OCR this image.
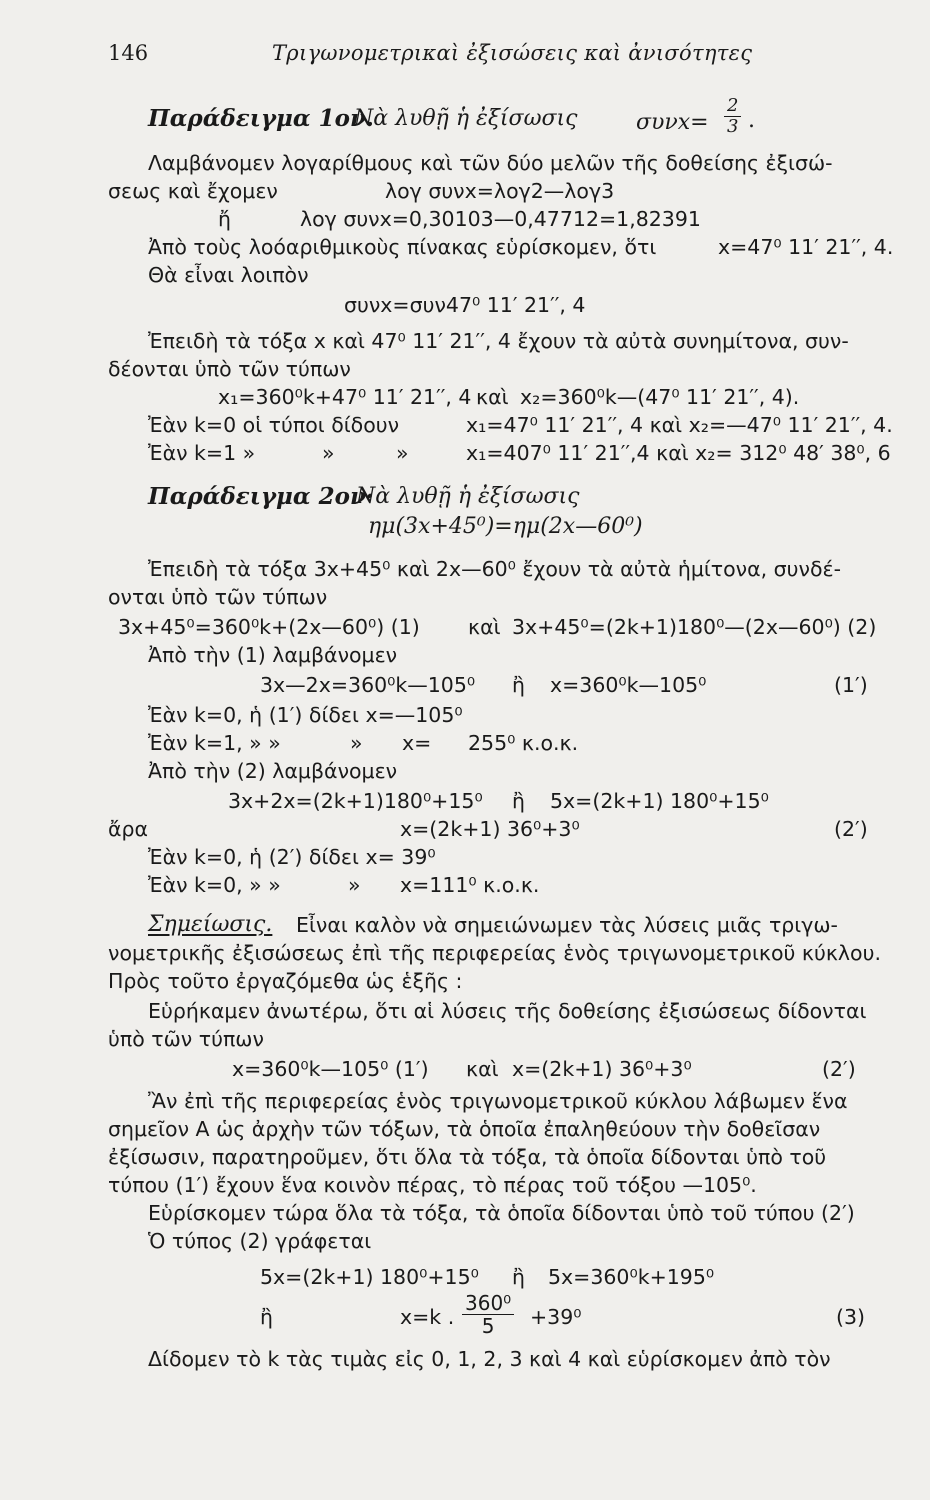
146	Τριγωνομετρικαὶ ἐξισώσεις καὶ ἀνισότητες
Παράδειγμα 1ον.
Νὰ λυθῇ ἡ ἐξίσωσις	$\sigma\upsilon\nu x= \frac{2}{3}$ .
Λαμβάνομεν λογαρίθμους καὶ τῶν δύο μελῶν τῆς δοθείσης ἐξισώ-
σεως καὶ ἔχομεν	λογ συνx=λογ2—λογ3
ἤ	λογ συνx=0,30103—0,47712=1,82391
Ἀπὸ τοὺς λοόαριθμικοὺς πίνακας εὑρίσκομεν, ὅτι	x=47⁰ 11′ 21′′, 4.
Θὰ εἶναι λοιπὸν
συνx=συν47⁰ 11′ 21′′, 4
Ἐπειδὴ τὰ τόξα x καὶ 47⁰ 11′ 21′′, 4 ἔχουν τὰ αὐτὰ συνημίτονα, συν-
δέονται ὑπὸ τῶν τύπων
x₁=360⁰k+47⁰ 11′ 21′′, 4 καὶ x₂=360⁰k—(47⁰ 11′ 21′′, 4).
Ἐὰν k=0 οἱ τύποι δίδουν	x₁=47⁰ 11′ 21′′, 4 καὶ x₂=—47⁰ 11′ 21′′, 4.
Ἐὰν k=1 »	»	»	x₁=407⁰ 11′ 21′′,4 καὶ x₂= 312⁰ 48′ 38⁰, 6
Παράδειγμα 2ον·
Νὰ λυθῇ ἡ ἐξίσωσις
ημ(3x+45⁰)=ημ(2x—60⁰)
Ἐπειδὴ τὰ τόξα 3x+45⁰ καὶ 2x—60⁰ ἔχουν τὰ αὐτὰ ἡμίτονα, συνδέ-
ονται ὑπὸ τῶν τύπων
3x+45⁰=360⁰k+(2x—60⁰) (1) καὶ 3x+45⁰=(2k+1)180⁰—(2x—60⁰) (2)
Ἀπὸ τὴν (1) λαμβάνομεν
3x—2x=360⁰k—105⁰ ἢ x=360⁰k—105⁰	(1′)
Ἐὰν k=0, ἡ (1′) δίδει x=—105⁰
Ἐὰν k=1, » »	» x= 255⁰ κ.ο.κ.
Ἀπὸ τὴν (2) λαμβάνομεν
3x+2x=(2k+1)180⁰+15⁰ ἢ 5x=(2k+1) 180⁰+15⁰
ἄρα	x=(2k+1) 36⁰+3⁰	(2′)
Ἐὰν k=0, ἡ (2′) δίδει x= 39⁰
Ἐὰν k=0, » »	» x=111⁰ κ.ο.κ.
Σημείωσις. Εἶναι καλὸν νὰ σημειώνωμεν τὰς λύσεις μιᾶς τριγω-
νομετρικῆς ἐξισώσεως ἐπὶ τῆς περιφερείας ἑνὸς τριγωνομετρικοῦ κύκλου.
Πρὸς τοῦτο ἐργαζόμεθα ὡς ἑξῆς :
Εὑρήκαμεν ἀνωτέρω, ὅτι αἱ λύσεις τῆς δοθείσης ἐξισώσεως δίδονται
ὑπὸ τῶν τύπων
x=360⁰k—105⁰ (1′) καὶ x=(2k+1) 36⁰+3⁰	(2′)
Ἂν ἐπὶ τῆς περιφερείας ἑνὸς τριγωνομετρικοῦ κύκλου λάβωμεν ἕνα
σημεῖον A ὡς ἀρχὴν τῶν τόξων, τὰ ὁποῖα ἐπαληθεύουν τὴν δοθεῖσαν
ἐξίσωσιν, παρατηροῦμεν, ὅτι ὅλα τὰ τόξα, τὰ ὁποῖα δίδονται ὑπὸ τοῦ
τύπου (1′) ἔχουν ἕνα κοινὸν πέρας, τὸ πέρας τοῦ τόξου —105⁰.
Εὑρίσκομεν τώρα ὅλα τὰ τόξα, τὰ ὁποῖα δίδονται ὑπὸ τοῦ τύπου (2′)
Ὁ τύπος (2) γράφεται
5x=(2k+1) 180⁰+15⁰ ἢ 5x=360⁰k+195⁰
ἢ	x=k . $\frac{\text{360⁰}}{5} +39^0$	(3)
Δίδομεν τὸ k τὰς τιμὰς εἰς 0, 1, 2, 3 καὶ 4 καὶ εὑρίσκομεν ἀπὸ τὸν
